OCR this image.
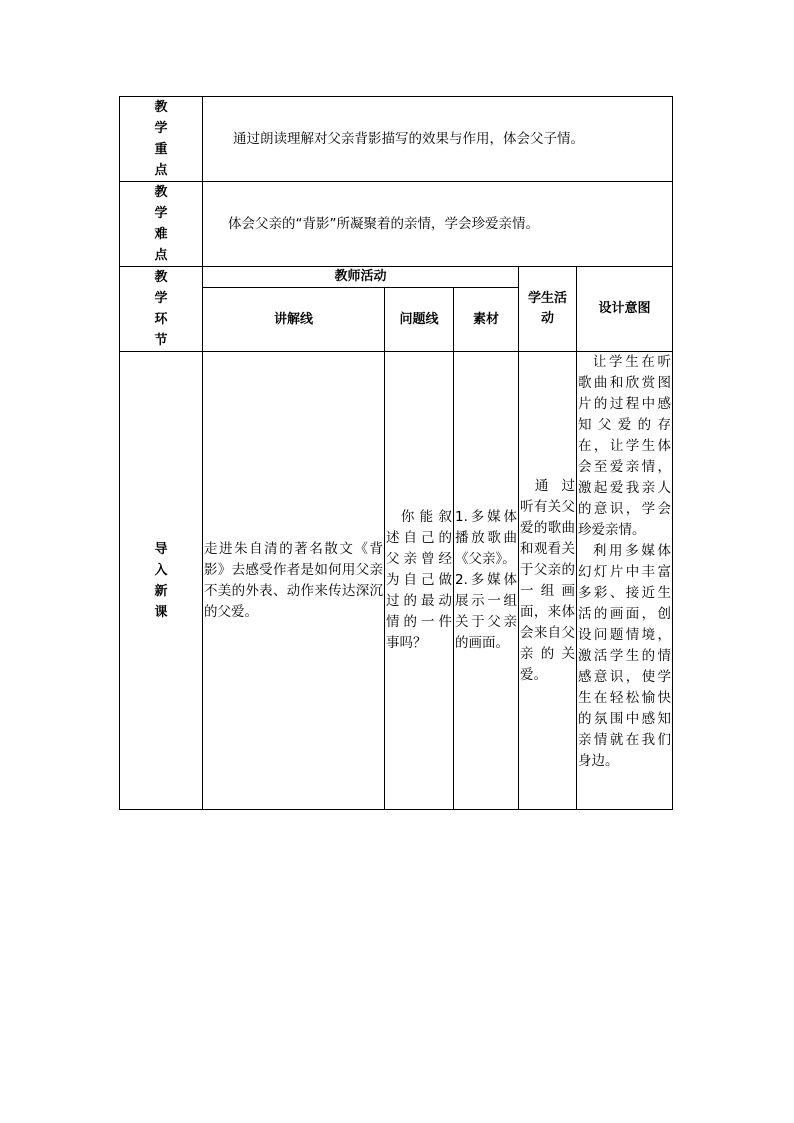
教
学
重
点	通过朗读理解对父亲背影描写的效果与作用，体会父子情。				

教
学
难
点	体会父亲的“背影”所凝聚着的亲情，学会珍爱亲情。				

教
学
环
节	教师活动			学生活动	设计意图
	讲解线	问题线	素材		

导
入
新
课	走进朱自清的著名散文《背影》去感受作者是如何用父亲不美的外表、动作来传达深沉的父爱。	你能叙述自己的父亲曾经为自己做过的最动情的一件事吗？	1.多媒体播放歌曲《父亲》。
2.多媒体展示一组关于父亲的画面。	通过听有关父爱的歌曲和观看关于父亲的一组画面，来体会来自父亲的关爱。	让学生在听歌曲和欣赏图片的过程中感知父爱的存在，让学生体会至爱亲情，激起爱我亲人的意识，学会珍爱亲情。
利用多媒体幻灯片中丰富多彩、接近生活的画面，创设问题情境，激活学生的情感意识，使学生在轻松愉快的氛围中感知亲情就在我们身边。
